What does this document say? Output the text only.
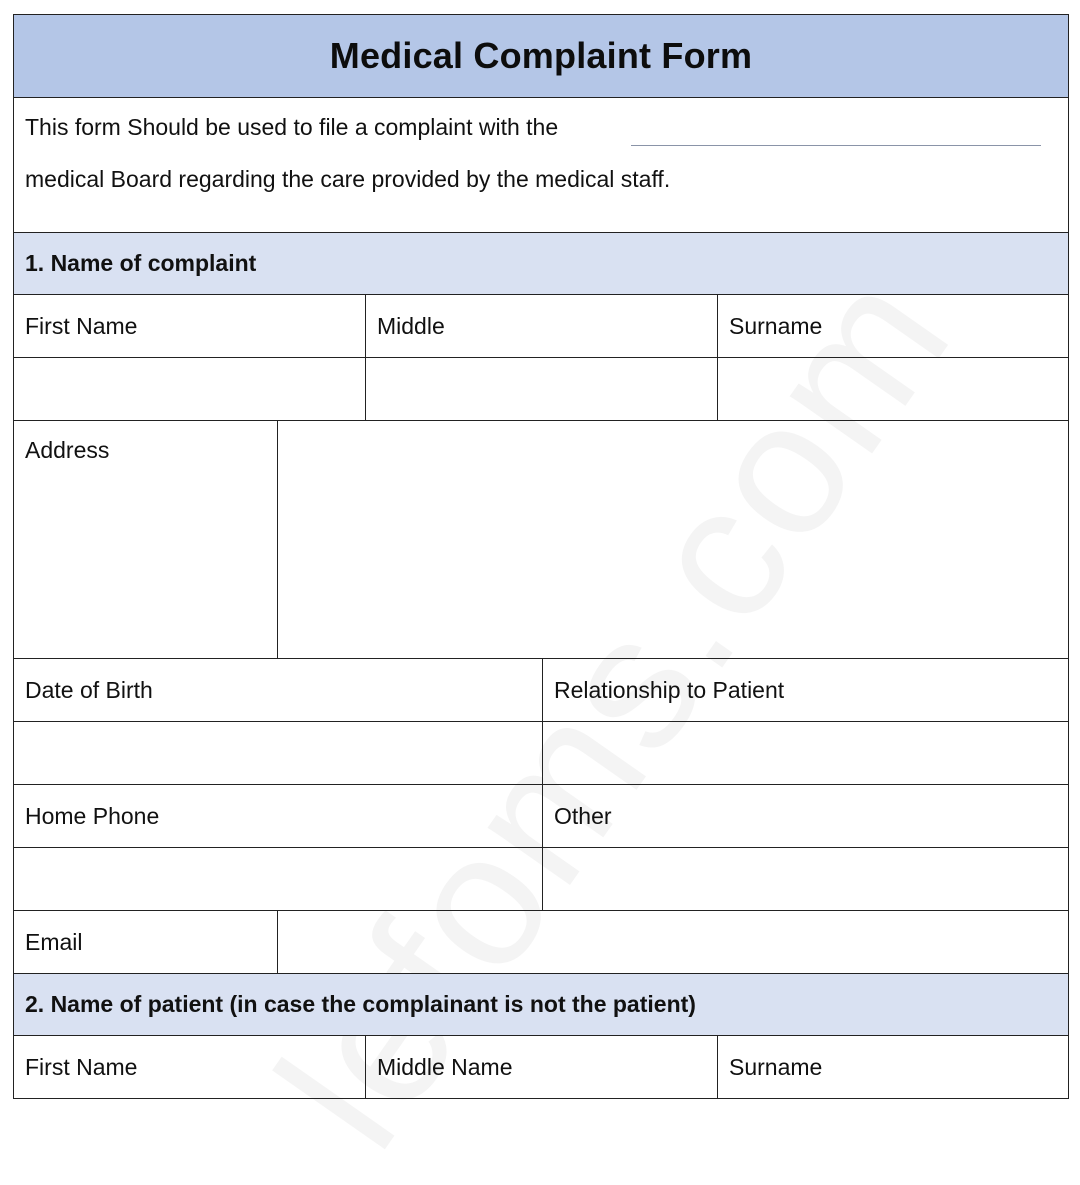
Medical Complaint Form
This form Should be used to file a complaint with the
medical Board regarding the care provided by the medical staff.
1. Name of complaint
First Name	Middle	Surname
Address
Date of Birth	Relationship to Patient
Home Phone	Other
Email
2. Name of patient (in case the complainant is not the patient)
First Name	Middle Name	Surname
